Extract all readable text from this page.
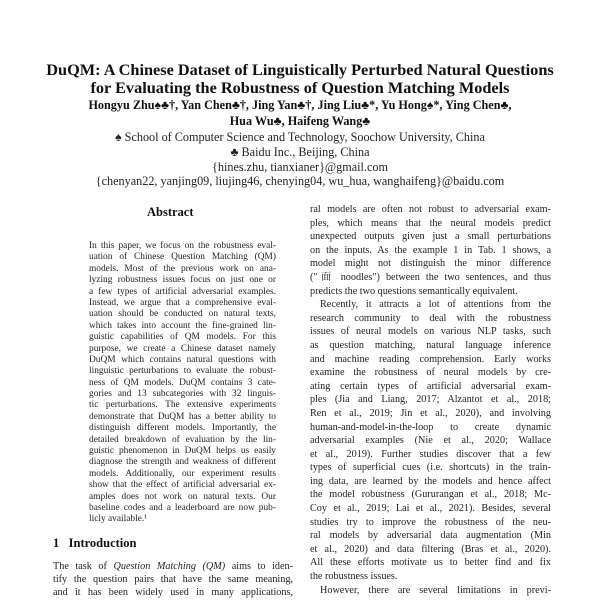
DuQM: A Chinese Dataset of Linguistically Perturbed Natural Questions
for Evaluating the Robustness of Question Matching Models
Hongyu Zhu♠♣†, Yan Chen♣†, Jing Yan♣†, Jing Liu♣*, Yu Hong♠*, Ying Chen♣,
Hua Wu♣, Haifeng Wang♣
♠ School of Computer Science and Technology, Soochow University, China
♣ Baidu Inc., Beijing, China
{hines.zhu, tianxianer}@gmail.com
{chenyan22, yanjing09, liujing46, chenying04, wu_hua, wanghaifeng}@baidu.com
Abstract
In this paper, we focus on the robustness eval-
uation of Chinese Question Matching (QM)
models. Most of the previous work on ana-
lyzing robustness issues focus on just one or
a few types of artificial adversarial examples.
Instead, we argue that a comprehensive eval-
uation should be conducted on natural texts,
which takes into account the fine-grained lin-
guistic capabilities of QM models. For this
purpose, we create a Chinese dataset namely
DuQM which contains natural questions with
linguistic perturbations to evaluate the robust-
ness of QM models. DuQM contains 3 cate-
gories and 13 subcategories with 32 linguis-
tic perturbations. The extensive experiments
demonstrate that DuQM has a better ability to
distinguish different models. Importantly, the
detailed breakdown of evaluation by the lin-
guistic phenomenon in DuQM helps us easily
diagnose the strength and weakness of different
models. Additionally, our experiment results
show that the effect of artificial adversarial ex-
amples does not work on natural texts. Our
baseline codes and a leaderboard are now pub-
licly available.¹
1   Introduction
The task of Question Matching (QM) aims to iden-
tify the question pairs that have the same meaning,
and it has been widely used in many applications,
ral models are often not robust to adversarial exam-
ples, which means that the neural models predict
unexpected outputs given just a small perturbations
on the inputs. As the example 1 in Tab. 1 shows, a
model might not distinguish the minor difference
("面 noodles") between the two sentences, and thus
predicts the two questions semantically equivalent.
Recently, it attracts a lot of attentions from the
research community to deal with the robustness
issues of neural models on various NLP tasks, such
as question matching, natural language inference
and machine reading comprehension. Early works
examine the robustness of neural models by cre-
ating certain types of artificial adversarial exam-
ples (Jia and Liang, 2017; Alzantot et al., 2018;
Ren et al., 2019; Jin et al., 2020), and involving
human-and-model-in-the-loop to create dynamic
adversarial examples (Nie et al., 2020; Wallace
et al., 2019). Further studies discover that a few
types of superficial cues (i.e. shortcuts) in the train-
ing data, are learned by the models and hence affect
the model robustness (Gururangan et al., 2018; Mc-
Coy et al., 2019; Lai et al., 2021). Besides, several
studies try to improve the robustness of the neu-
ral models by adversarial data augmentation (Min
et al., 2020) and data filtering (Bras et al., 2020).
All these efforts motivate us to better find and fix
the robustness issues.
However, there are several limitations in previ-
